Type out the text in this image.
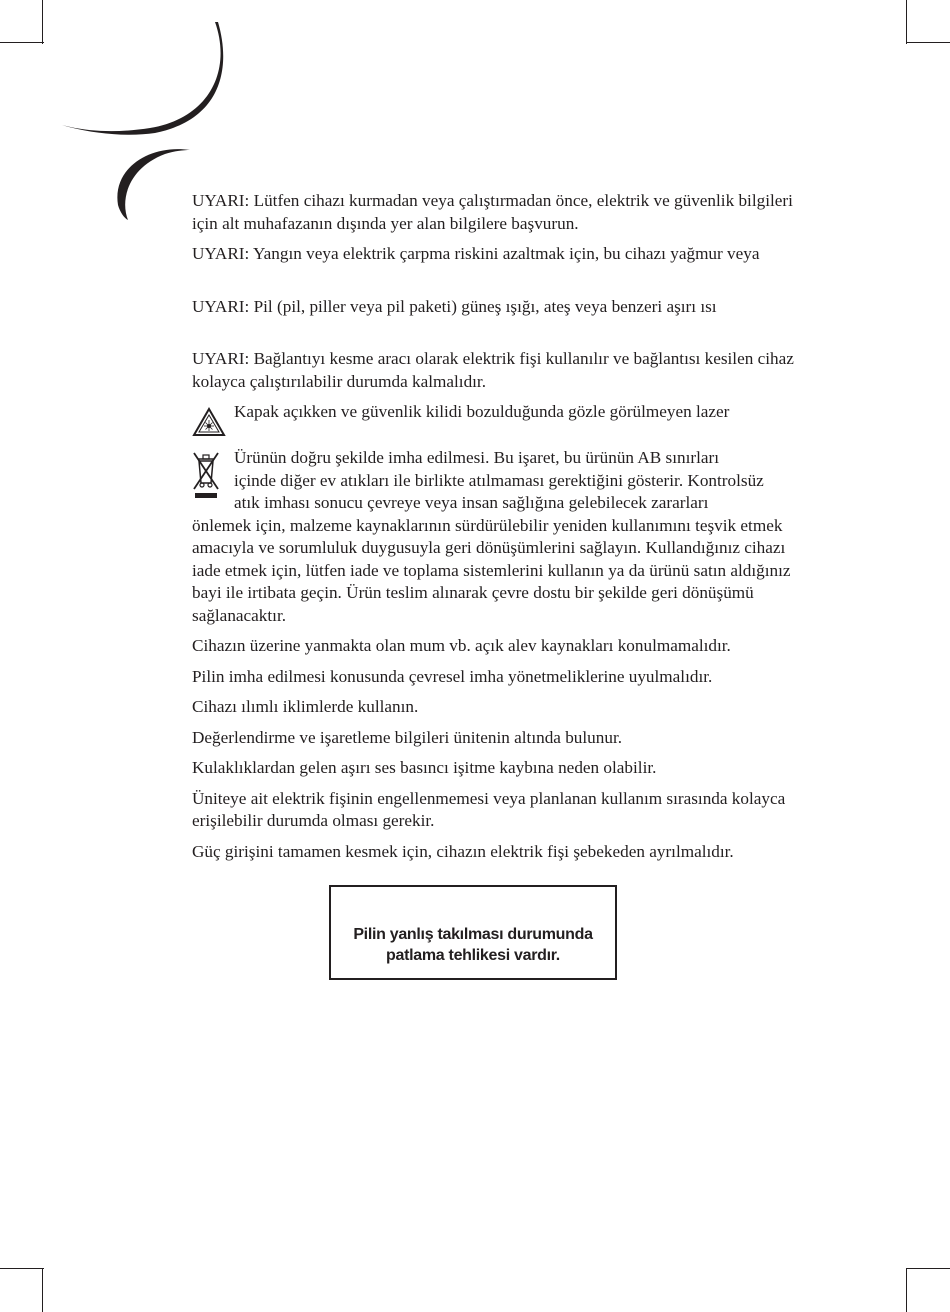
UYARI: Lütfen cihazı kurmadan veya çalıştırmadan önce, elektrik ve güvenlik bilgileri için alt muhafazanın dışında yer alan bilgilere başvurun.

UYARI: Yangın veya elektrik çarpma riskini azaltmak için, bu cihazı yağmur veya

UYARI: Pil (pil, piller veya pil paketi) güneş ışığı, ateş veya benzeri aşırı ısı

UYARI: Bağlantıyı kesme aracı olarak elektrik fişi kullanılır ve bağlantısı kesilen cihaz kolayca çalıştırılabilir durumda kalmalıdır.

Kapak açıkken ve güvenlik kilidi bozulduğunda gözle görülmeyen lazer
Ürünün doğru şekilde imha edilmesi. Bu işaret, bu ürünün AB sınırları
içinde diğer ev atıkları ile birlikte atılmaması gerektiğini gösterir. Kontrolsüz
atık imhası sonucu çevreye veya insan sağlığına gelebilecek zararları

önlemek için, malzeme kaynaklarının sürdürülebilir yeniden kullanımını teşvik etmek amacıyla ve sorumluluk duygusuyla geri dönüşümlerini sağlayın. Kullandığınız cihazı iade etmek için, lütfen iade ve toplama sistemlerini kullanın ya da ürünü satın aldığınız bayi ile irtibata geçin. Ürün teslim alınarak çevre dostu bir şekilde geri dönüşümü sağlanacaktır.

Cihazın üzerine yanmakta olan mum vb. açık alev kaynakları konulmamalıdır.

Pilin imha edilmesi konusunda çevresel imha yönetmeliklerine uyulmalıdır.

Cihazı ılımlı iklimlerde kullanın.

Değerlendirme ve işaretleme bilgileri ünitenin altında bulunur.

Kulaklıklardan gelen aşırı ses basıncı işitme kaybına neden olabilir.

Üniteye ait elektrik fişinin engellenmemesi veya planlanan kullanım sırasında kolayca erişilebilir durumda olması gerekir.

Güç girişini tamamen kesmek için, cihazın elektrik fişi şebekeden ayrılmalıdır.

Pilin yanlış takılması durumunda
patlama tehlikesi vardır.
